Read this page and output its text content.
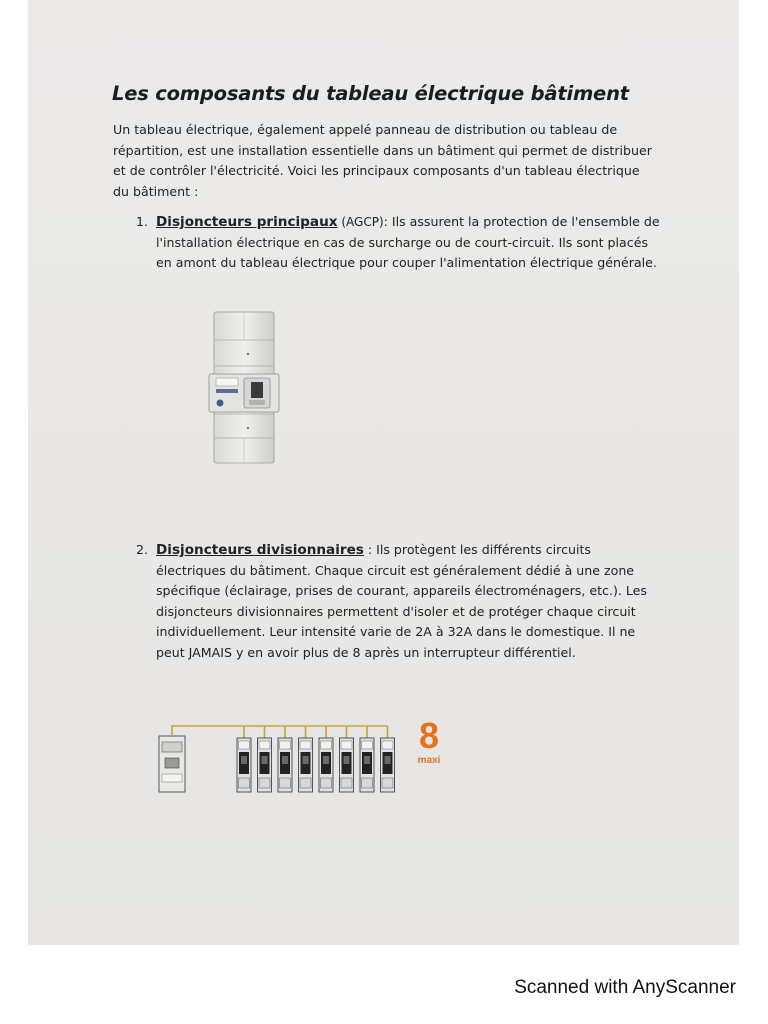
Les composants du tableau électrique bâtiment
Un tableau électrique, également appelé panneau de distribution ou tableau de répartition, est une installation essentielle dans un bâtiment qui permet de distribuer et de contrôler l'électricité. Voici les principaux composants d'un tableau électrique du bâtiment :
1. Disjoncteurs principaux (AGCP): Ils assurent la protection de l'ensemble de l'installation électrique en cas de surcharge ou de court-circuit. Ils sont placés en amont du tableau électrique pour couper l'alimentation électrique générale.
2. Disjoncteurs divisionnaires : Ils protègent les différents circuits électriques du bâtiment. Chaque circuit est généralement dédié à une zone spécifique (éclairage, prises de courant, appareils électroménagers, etc.). Les disjoncteurs divisionnaires permettent d'isoler et de protéger chaque circuit individuellement. Leur intensité varie de 2A à 32A dans le domestique. Il ne peut JAMAIS y en avoir plus de 8 après un interrupteur différentiel.
8
maxi
Scanned with AnyScanner
